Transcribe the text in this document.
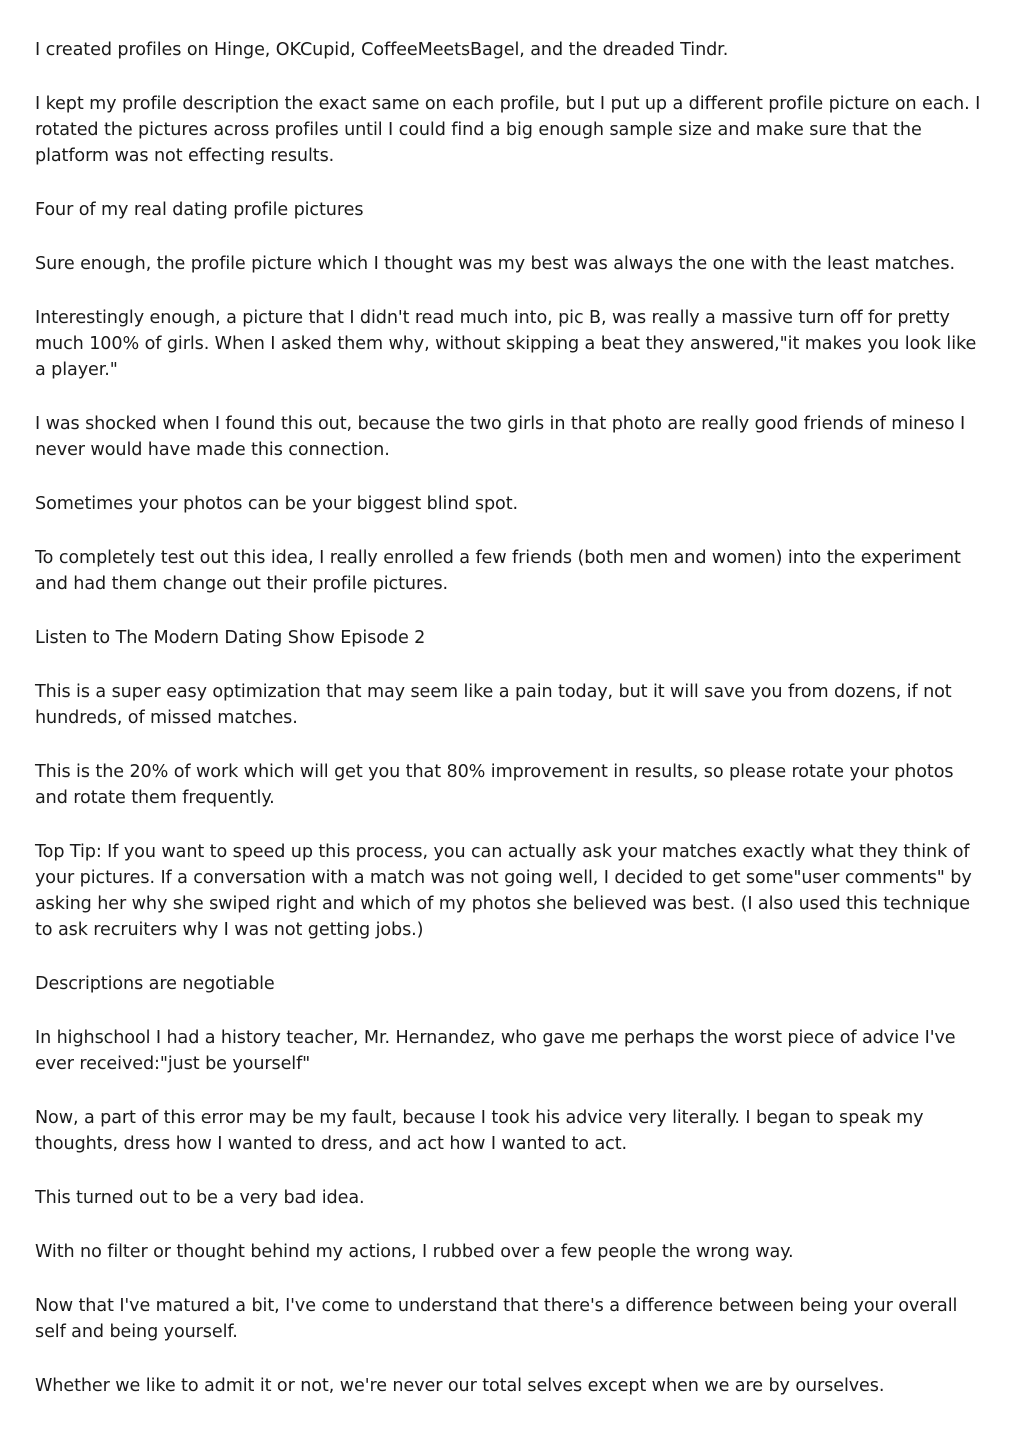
I created profiles on Hinge, OKCupid, CoffeeMeetsBagel, and the dreaded Tindr.

I kept my profile description the exact same on each profile, but I put up a different profile picture on each. I rotated the pictures across profiles until I could find a big enough sample size and make sure that the platform was not effecting results.

Four of my real dating profile pictures

Sure enough, the profile picture which I thought was my best was always the one with the least matches.

Interestingly enough, a picture that I didn't read much into, pic B, was really a massive turn off for pretty much 100% of girls. When I asked them why, without skipping a beat they answered,"it makes you look like a player."

I was shocked when I found this out, because the two girls in that photo are really good friends of mineso I never would have made this connection.

Sometimes your photos can be your biggest blind spot.

To completely test out this idea, I really enrolled a few friends (both men and women) into the experiment and had them change out their profile pictures.

Listen to The Modern Dating Show Episode 2

This is a super easy optimization that may seem like a pain today, but it will save you from dozens, if not hundreds, of missed matches.

This is the 20% of work which will get you that 80% improvement in results, so please rotate your photos and rotate them frequently.

Top Tip: If you want to speed up this process, you can actually ask your matches exactly what they think of your pictures. If a conversation with a match was not going well, I decided to get some"user comments" by asking her why she swiped right and which of my photos she believed was best. (I also used this technique to ask recruiters why I was not getting jobs.)

Descriptions are negotiable

In highschool I had a history teacher, Mr. Hernandez, who gave me perhaps the worst piece of advice I've ever received:"just be yourself"

Now, a part of this error may be my fault, because I took his advice very literally. I began to speak my thoughts, dress how I wanted to dress, and act how I wanted to act.

This turned out to be a very bad idea.

With no filter or thought behind my actions, I rubbed over a few people the wrong way.

Now that I've matured a bit, I've come to understand that there's a difference between being your overall self and being yourself.

Whether we like to admit it or not, we're never our total selves except when we are by ourselves.
